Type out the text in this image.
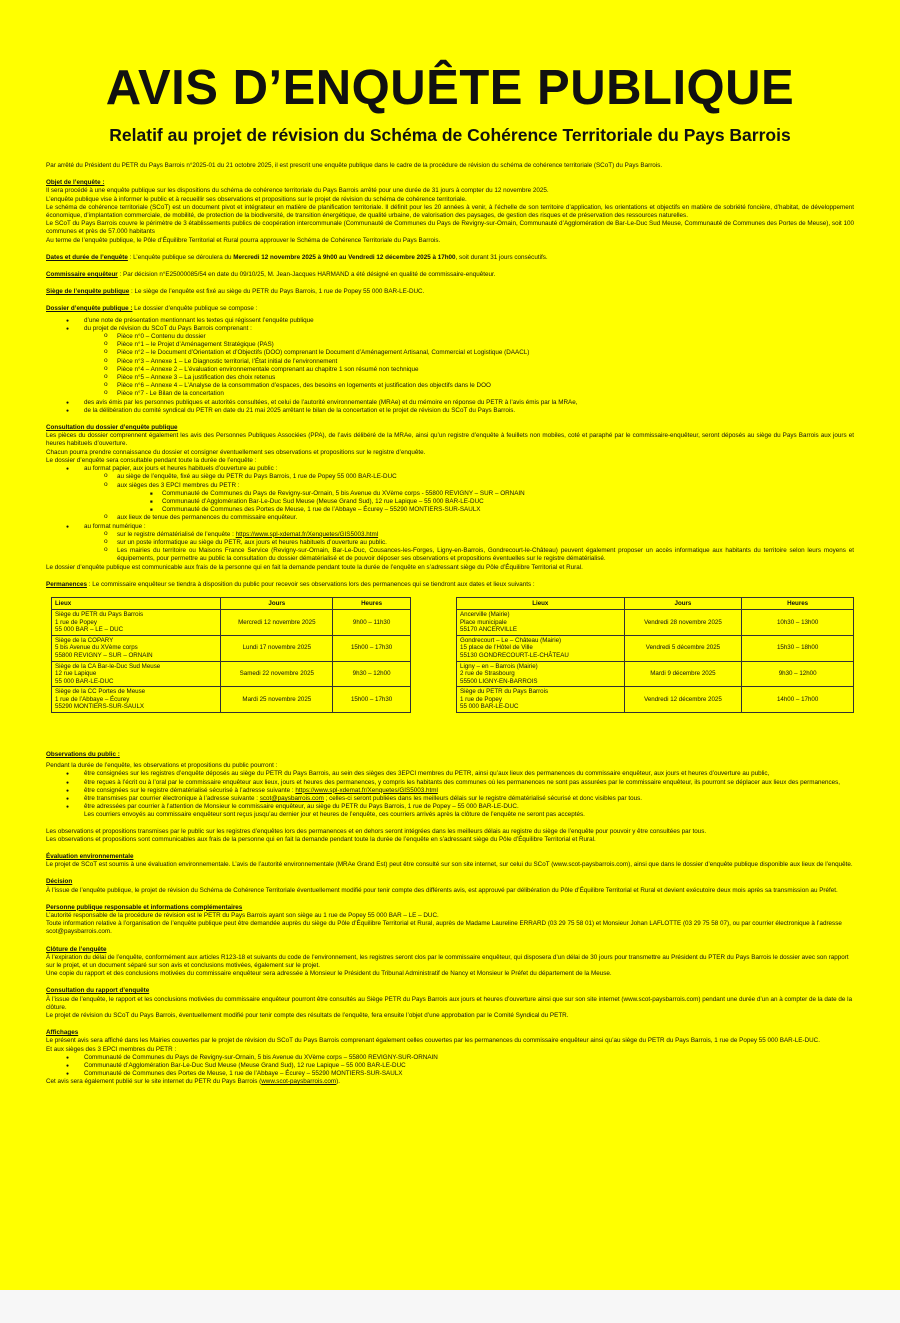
AVIS D’ENQUÊTE PUBLIQUE
Relatif au projet de révision du Schéma de Cohérence Territoriale du Pays Barrois
Par arrêté du Président du PETR du Pays Barrois n°2025-01 du 21 octobre 2025, il est prescrit une enquête publique dans le cadre de la procédure de révision du schéma de cohérence territoriale (SCoT) du Pays Barrois.
Objet de l’enquête :
Il sera procédé à une enquête publique sur les dispositions du schéma de cohérence territoriale du Pays Barrois arrêté pour une durée de 31 jours à compter du 12 novembre 2025.
L’enquête publique vise à informer le public et à recueillir ses observations et propositions sur le projet de révision du schéma de cohérence territoriale.
Le schéma de cohérence territoriale (SCoT) est un document pivot et intégrateur en matière de planification territoriale. Il définit pour les 20 années à venir, à l’échelle de son territoire d’application, les orientations et objectifs en matière de sobriété foncière, d’habitat, de développement économique, d’implantation commerciale, de mobilité, de protection de la biodiversité, de transition énergétique, de qualité urbaine, de valorisation des paysages, de gestion des risques et de préservation des ressources naturelles.
Le SCoT du Pays Barrois couvre le périmètre de 3 établissements publics de coopération intercommunale (Communauté de Communes du Pays de Revigny-sur-Ornain, Communauté d’Agglomération de Bar-Le-Duc Sud Meuse, Communauté de Communes des Portes de Meuse), soit 100 communes et près de 57.000 habitants
Au terme de l’enquête publique, le Pôle d’Équilibre Territorial et Rural pourra approuver le Schéma de Cohérence Territoriale du Pays Barrois.
Dates et durée de l’enquête : L’enquête publique se déroulera du Mercredi 12 novembre 2025 à 9h00 au Vendredi 12 décembre 2025 à 17h00, soit durant 31 jours consécutifs.
Commissaire enquêteur : Par décision n°E25000085/54 en date du 09/10/25, M. Jean-Jacques HARMAND a été désigné en qualité de commissaire-enquêteur.
Siège de l’enquête publique : Le siège de l’enquête est fixé au siège du PETR du Pays Barrois, 1 rue de Popey 55 000 BAR-LE-DUC.
Dossier d’enquête publique : Le dossier d’enquête publique se compose :
● d’une note de présentation mentionnant les textes qui régissent l’enquête publique
● du projet de révision du SCoT du Pays Barrois comprenant :
o Pièce n°0 – Contenu du dossier
o Pièce n°1 – le Projet d’Aménagement Stratégique (PAS)
o Pièce n°2 – le Document d’Orientation et d’Objectifs (DOO) comprenant le Document d’Aménagement Artisanal, Commercial et Logistique (DAACL)
o Pièce n°3 – Annexe 1 – Le Diagnostic territorial, l’État initial de l’environnement
o Pièce n°4 – Annexe 2 – L’évaluation environnementale comprenant au chapitre 1 son résumé non technique
o Pièce n°5 – Annexe 3 – La justification des choix retenus
o Pièce n°6 – Annexe 4 – L’Analyse de la consommation d’espaces, des besoins en logements et justification des objectifs dans le DOO
o Pièce n°7 - Le Bilan de la concertation
● des avis émis par les personnes publiques et autorités consultées, et celui de l’autorité environnementale (MRAe) et du mémoire en réponse du PETR à l’avis émis par la MRAe,
● de la délibération du comité syndical du PETR en date du 21 mai 2025 arrêtant le bilan de la concertation et le projet de révision du SCoT du Pays Barrois.
Consultation du dossier d’enquête publique
Les pièces du dossier comprennent également les avis des Personnes Publiques Associées (PPA), de l’avis délibéré de la MRAe, ainsi qu’un registre d’enquête à feuillets non mobiles, coté et paraphé par le commissaire-enquêteur, seront déposés au siège du Pays Barrois aux jours et heures habituels d’ouverture.
Chacun pourra prendre connaissance du dossier et consigner éventuellement ses observations et propositions sur le registre d’enquête.
Le dossier d’enquête sera consultable pendant toute la durée de l’enquête :
● au format papier, aux jours et heures habituels d’ouverture au public :
o au siège de l’enquête, fixé au siège du PETR du Pays Barrois, 1 rue de Popey 55 000 BAR-LE-DUC
o aux sièges des 3 EPCI membres du PETR :
■ Communauté de Communes du Pays de Revigny-sur-Ornain, 5 bis Avenue du XVème corps - 55800 REVIGNY – SUR – ORNAIN
■ Communauté d’Agglomération Bar-Le-Duc Sud Meuse (Meuse Grand Sud), 12 rue Lapique – 55 000 BAR-LE-DUC
■ Communauté de Communes des Portes de Meuse, 1 rue de l’Abbaye – Écurey – 55290 MONTIERS-SUR-SAULX
o aux lieux de tenue des permanences du commissaire enquêteur.
● au format numérique :
o sur le registre dématérialisé de l’enquête : https://www.spl-xdemat.fr/Xenquetes/GIS5003.html
o sur un poste informatique au siège du PETR, aux jours et heures habituels d’ouverture au public.
o Les mairies du territoire ou Maisons France Service (Revigny-sur-Ornain, Bar-Le-Duc, Cousances-les-Forges, Ligny-en-Barrois, Gondrecourt-le-Château) peuvent également proposer un accès informatique aux habitants du territoire selon leurs moyens et équipements, pour permettre au public la consultation du dossier dématérialisé et de pouvoir déposer ses observations et propositions éventuelles sur le registre dématérialisé.
Le dossier d’enquête publique est communicable aux frais de la personne qui en fait la demande pendant toute la durée de l’enquête en s’adressant siège du Pôle d’Équilibre Territorial et Rural.
Permanences : Le commissaire enquêteur se tiendra à disposition du public pour recevoir ses observations lors des permanences qui se tiendront aux dates et lieux suivants :
Lieux	Jours	Heures

Siège du PETR du Pays Barrois
1 rue de Popey
55 000 BAR – LE – DUC	Mercredi 12 novembre 2025	9h00 – 11h30

Siège de la COPARY
5 bis Avenue du XVème corps
55800 REVIGNY – SUR – ORNAIN	Lundi 17 novembre 2025	15h00 – 17h30

Siège de la CA Bar-le-Duc Sud Meuse
12 rue Lapique
55 000 BAR-LE-DUC	Samedi 22 novembre 2025	9h30 – 12h00

Siège de la CC Portes de Meuse
1 rue de l’Abbaye – Écurey
55290 MONTIERS-SUR-SAULX	Mardi 25 novembre 2025	15h00 – 17h30
Lieux	Jours	Heures

Ancerville (Mairie)
Place municipale
55170 ANCERVILLE	Vendredi 28 novembre 2025	10h30 – 13h00

Gondrecourt – Le – Château (Mairie)
15 place de l’Hôtel de Ville
55130 GONDRECOURT-LE-CHÂTEAU	Vendredi 5 décembre 2025	15h30 – 18h00

Ligny – en – Barrois (Mairie)
2 rue de Strasbourg
55500 LIGNY-EN-BARROIS	Mardi 9 décembre 2025	9h30 – 12h00

Siège du PETR du Pays Barrois
1 rue de Popey
55 000 BAR-LE-DUC	Vendredi 12 décembre 2025	14h00 – 17h00
Observations du public :
Pendant la durée de l’enquête, les observations et propositions du public pourront :
● être consignées sur les registres d’enquête déposés au siège du PETR du Pays Barrois, au sein des sièges des 3EPCI membres du PETR, ainsi qu’aux lieux des permanences du commissaire enquêteur, aux jours et heures d’ouverture au public,
● être reçues à l’écrit ou à l’oral par le commissaire enquêteur aux lieux, jours et heures des permanences, y compris les habitants des communes où les permanences ne sont pas assurées par le commissaire enquêteur, ils pourront se déplacer aux lieux des permanences,
● être consignées sur le registre dématérialisé sécurisé à l’adresse suivante : https://www.spl-xdemat.fr/Xenquetes/GIS5003.html
● être transmises par courrier électronique à l’adresse suivante : scot@paysbarrois.com ; celles-ci seront publiées dans les meilleurs délais sur le registre dématérialisé sécurisé et donc visibles par tous.
● être adressées par courrier à l’attention de Monsieur le commissaire enquêteur, au siège du PETR du Pays Barrois, 1 rue de Popey – 55 000 BAR-LE-DUC.
Les courriers envoyés au commissaire enquêteur sont reçus jusqu’au dernier jour et heures de l’enquête, ces courriers arrivés après la clôture de l’enquête ne seront pas acceptés.
Les observations et propositions transmises par le public sur les registres d’enquêtes lors des permanences et en dehors seront intégrées dans les meilleurs délais au registre du siège de l’enquête pour pouvoir y être consultées par tous.
Les observations et propositions sont communicables aux frais de la personne qui en fait la demande pendant toute la durée de l’enquête en s’adressant siège du Pôle d’Équilibre Territorial et Rural.
Évaluation environnementale
Le projet de SCoT est soumis à une évaluation environnementale. L’avis de l’autorité environnementale (MRAe Grand Est) peut être consulté sur son site internet, sur celui du SCoT (www.scot-paysbarrois.com), ainsi que dans le dossier d’enquête publique disponible aux lieux de l’enquête.
Décision
À l’issue de l’enquête publique, le projet de révision du Schéma de Cohérence Territoriale éventuellement modifié pour tenir compte des différents avis, est approuvé par délibération du Pôle d’Équilibre Territorial et Rural et devient exécutoire deux mois après sa transmission au Préfet.
Personne publique responsable et informations complémentaires
L’autorité responsable de la procédure de révision est le PETR du Pays Barrois ayant son siège au 1 rue de Popey 55 000 BAR – LE – DUC.
Toute information relative à l’organisation de l’enquête publique peut être demandée auprès du siège du Pôle d’Équilibre Territorial et Rural, auprès de Madame Laureline ERRARD (03 29 75 58 01) et Monsieur Johan LAFLOTTE (03 29 75 58 07), ou par courrier électronique à l’adresse scot@paysbarrois.com.
Clôture de l’enquête
À l’expiration du délai de l’enquête, conformément aux articles R123-18 et suivants du code de l’environnement, les registres seront clos par le commissaire enquêteur, qui disposera d’un délai de 30 jours pour transmettre au Président du PTER du Pays Barrois le dossier avec son rapport sur le projet, et un document séparé sur son avis et conclusions motivées, également sur le projet.
Une copie du rapport et des conclusions motivées du commissaire enquêteur sera adressée à Monsieur le Président du Tribunal Administratif de Nancy et Monsieur le Préfet du département de la Meuse.
Consultation du rapport d’enquête
À l’issue de l’enquête, le rapport et les conclusions motivées du commissaire enquêteur pourront être consultés au Siège PETR du Pays Barrois aux jours et heures d’ouverture ainsi que sur son site internet (www.scot-paysbarrois.com) pendant une durée d’un an à compter de la date de la clôture.
Le projet de révision du SCoT du Pays Barrois, éventuellement modifié pour tenir compte des résultats de l’enquête, fera ensuite l’objet d’une approbation par le Comité Syndical du PETR.
Affichages
Le présent avis sera affiché dans les Mairies couvertes par le projet de révision du SCoT du Pays Barrois comprenant également celles couvertes par les permanences du commissaire enquêteur ainsi qu’au siège du PETR du Pays Barrois, 1 rue de Popey 55 000 BAR-LE-DUC.
Et aux sièges des 3 EPCI membres du PETR :
● Communauté de Communes du Pays de Revigny-sur-Ornain, 5 bis Avenue du XVème corps – 55800 REVIGNY-SUR-ORNAIN
● Communauté d’Agglomération Bar-Le-Duc Sud Meuse (Meuse Grand Sud), 12 rue Lapique – 55 000 BAR-LE-DUC
● Communauté de Communes des Portes de Meuse, 1 rue de l’Abbaye – Écurey – 55290 MONTIERS-SUR-SAULX
Cet avis sera également publié sur le site internet du PETR du Pays Barrois (www.scot-paysbarrois.com).
